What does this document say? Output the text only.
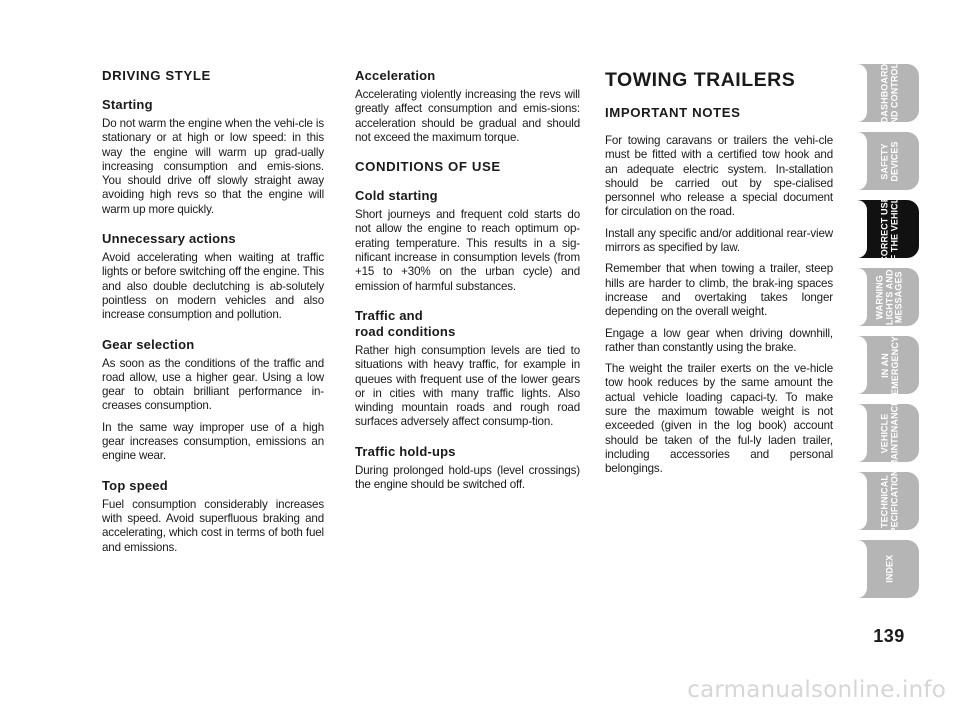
DRIVING STYLE
Starting

Do not warm the engine when the vehi-cle is stationary or at high or low speed: in this way the engine will warm up grad-ually increasing consumption and emis-sions. You should drive off slowly straight away avoiding high revs so that the engine will warm up more quickly.

Unnecessary actions

Avoid accelerating when waiting at traffic lights or before switching off the engine. This and also double declutching is ab-solutely pointless on modern vehicles and also increase consumption and pollution.

Gear selection

As soon as the conditions of the traffic and road allow, use a higher gear. Using a low gear to obtain brilliant performance in-creases consumption.

In the same way improper use of a high gear increases consumption, emissions an engine wear.

Top speed

Fuel consumption considerably increases with speed. Avoid superfluous braking and accelerating, which cost in terms of both fuel and emissions.

Acceleration

Accelerating violently increasing the revs will greatly affect consumption and emis-sions: acceleration should be gradual and should not exceed the maximum torque.

CONDITIONS OF USE
Cold starting

Short journeys and frequent cold starts do not allow the engine to reach optimum op-erating temperature. This results in a sig-nificant increase in consumption levels (from +15 to +30% on the urban cycle) and emission of harmful substances.

Traffic and
road conditions

Rather high consumption levels are tied to situations with heavy traffic, for example in queues with frequent use of the lower gears or in cities with many traffic lights. Also winding mountain roads and rough road surfaces adversely affect consump-tion.

Traffic hold-ups

During prolonged hold-ups (level crossings) the engine should be switched off.

TOWING TRAILERS
IMPORTANT NOTES

For towing caravans or trailers the vehi-cle must be fitted with a certified tow hook and an adequate electric system. In-stallation should be carried out by spe-cialised personnel who release a special document for circulation on the road.

Install any specific and/or additional rear-view mirrors as specified by law.

Remember that when towing a trailer, steep hills are harder to climb, the brak-ing spaces increase and overtaking takes longer depending on the overall weight.

Engage a low gear when driving downhill, rather than constantly using the brake.

The weight the trailer exerts on the ve-hicle tow hook reduces by the same amount the actual vehicle loading capaci-ty. To make sure the maximum towable weight is not exceeded (given in the log book) account should be taken of the ful-ly laden trailer, including accessories and personal belongings.

DASHBOARD
AND CONTROLS
SAFETY
DEVICES
CORRECT USE
OF THE VEHICLE
WARNING
LIGHTS AND
MESSAGES
IN AN
EMERGENCY
VEHICLE
MAINTENANCE
TECHNICAL
SPECIFICATIONS
INDEX
139
carmanualsonline.info
